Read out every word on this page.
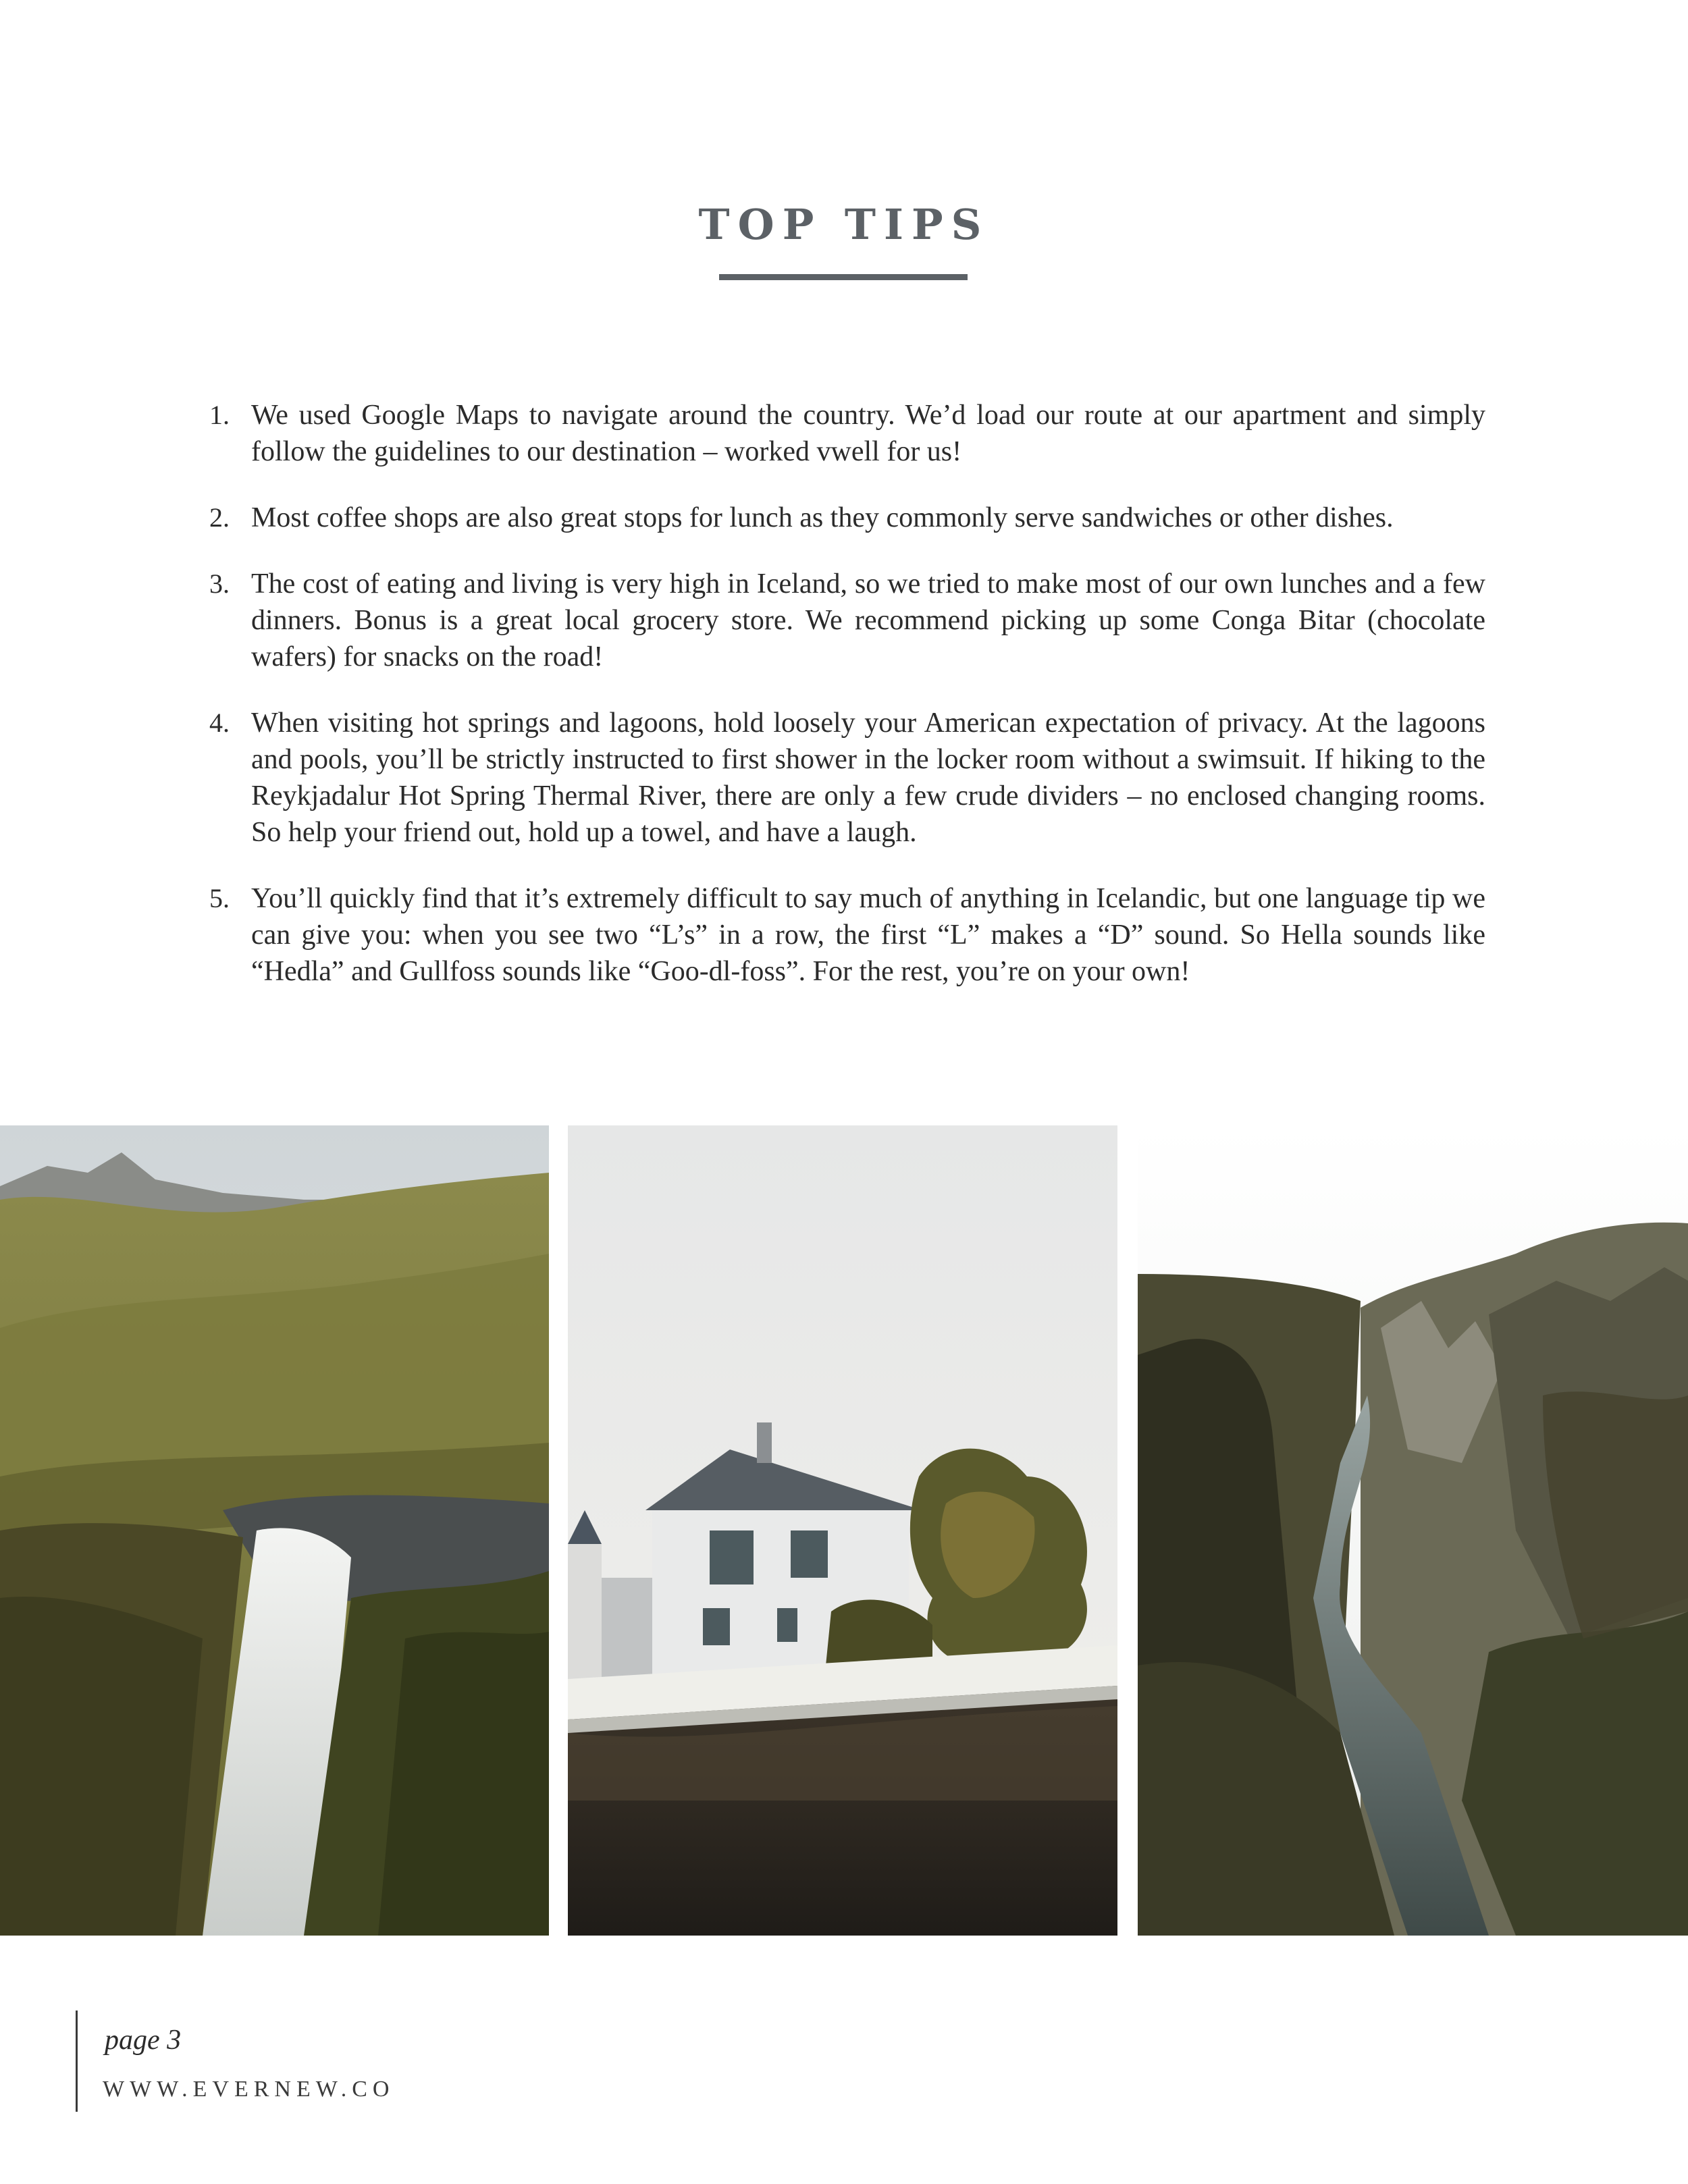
TOP TIPS
1. We used Google Maps to navigate around the country. We’d load our route at our apartment and simply follow the guidelines to our destination – worked vwell for us!
2. Most coffee shops are also great stops for lunch as they commonly serve sandwiches or other dishes.
3. The cost of eating and living is very high in Iceland, so we tried to make most of our own lunches and a few dinners. Bonus is a great local grocery store. We recommend picking up some Conga Bitar (chocolate wafers) for snacks on the road!
4. When visiting hot springs and lagoons, hold loosely your American expectation of privacy. At the lagoons and pools, you’ll be strictly instructed to first shower in the locker room without a swimsuit. If hiking to the Reykjadalur Hot Spring Thermal River, there are only a few crude dividers – no enclosed changing rooms. So help your friend out, hold up a towel, and have a laugh.
5. You’ll quickly find that it’s extremely difficult to say much of anything in Icelandic, but one language tip we can give you: when you see two “L’s” in a row, the first “L” makes a “D” sound. So Hella sounds like “Hedla” and Gullfoss sounds like “Goo-dl-foss”. For the rest, you’re on your own!
page 3
WWW.EVERNEW.CO
